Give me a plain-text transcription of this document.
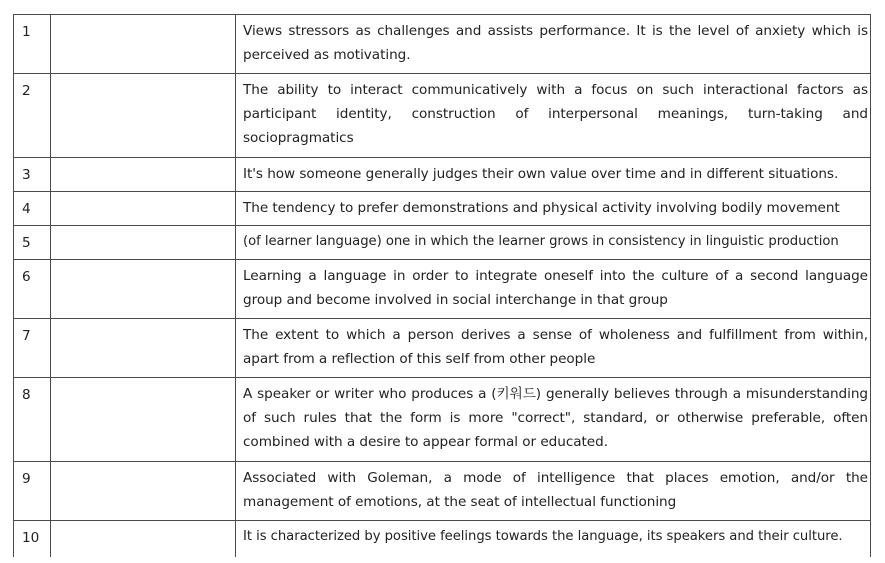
1		Views stressors as challenges and assists performance. It is the level of anxiety which is perceived as motivating.
2		The ability to interact communicatively with a focus on such interactional factors as participant identity, construction of interpersonal meanings, turn-taking and sociopragmatics
3		It's how someone generally judges their own value over time and in different situations.
4		The tendency to prefer demonstrations and physical activity involving bodily movement
5		(of learner language) one in which the learner grows in consistency in linguistic production
6		Learning a language in order to integrate oneself into the culture of a second language group and become involved in social interchange in that group
7		The extent to which a person derives a sense of wholeness and fulfillment from within, apart from a reflection of this self from other people
8		A speaker or writer who produces a (키워드) generally believes through a misunderstanding of such rules that the form is more "correct", standard, or otherwise preferable, often combined with a desire to appear formal or educated.
9		Associated with Goleman, a mode of intelligence that places emotion, and/or the management of emotions, at the seat of intellectual functioning
10		It is characterized by positive feelings towards the language, its speakers and their culture.
